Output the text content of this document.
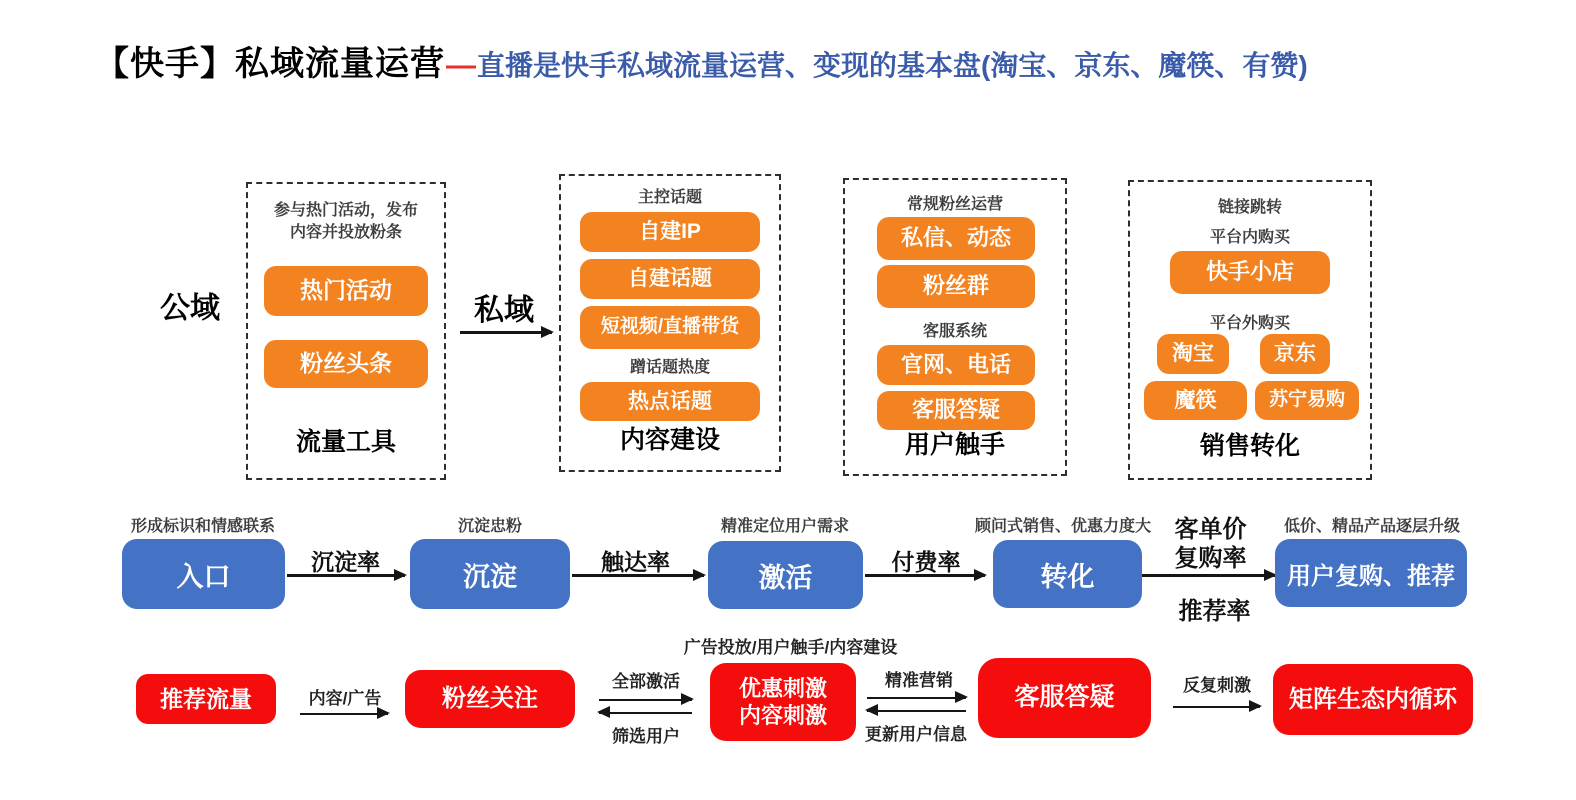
【快手】私域流量运营 — 直播是快手私域流量运营、变现的基本盘(淘宝、京东、魔筷、有赞)
公域	私域
参与热门活动，发布
内容并投放粉条
热门活动
粉丝头条
流量工具
主控话题
自建IP
自建话题
短视频/直播带货
蹭话题热度
热点话题
内容建设
常规粉丝运营
私信、动态
粉丝群
客服系统
官网、电话
客服答疑
用户触手
链接跳转
平台内购买
快手小店
平台外购买
淘宝	京东
魔筷	苏宁易购
销售转化
形成标识和情感联系
入口	沉淀率
沉淀忠粉
沉淀	触达率
精准定位用户需求
激活
付费率
顾问式销售、优惠力度大
转化
客单价
复购率
推荐率
低价、精品产品逐层升级
用户复购、推荐
广告投放/用户触手/内容建设
推荐流量	内容/广告	粉丝关注
全部激活
筛选用户
优惠刺激
内容刺激
精准营销
更新用户信息
客服答疑	反复刺激	矩阵生态内循环
